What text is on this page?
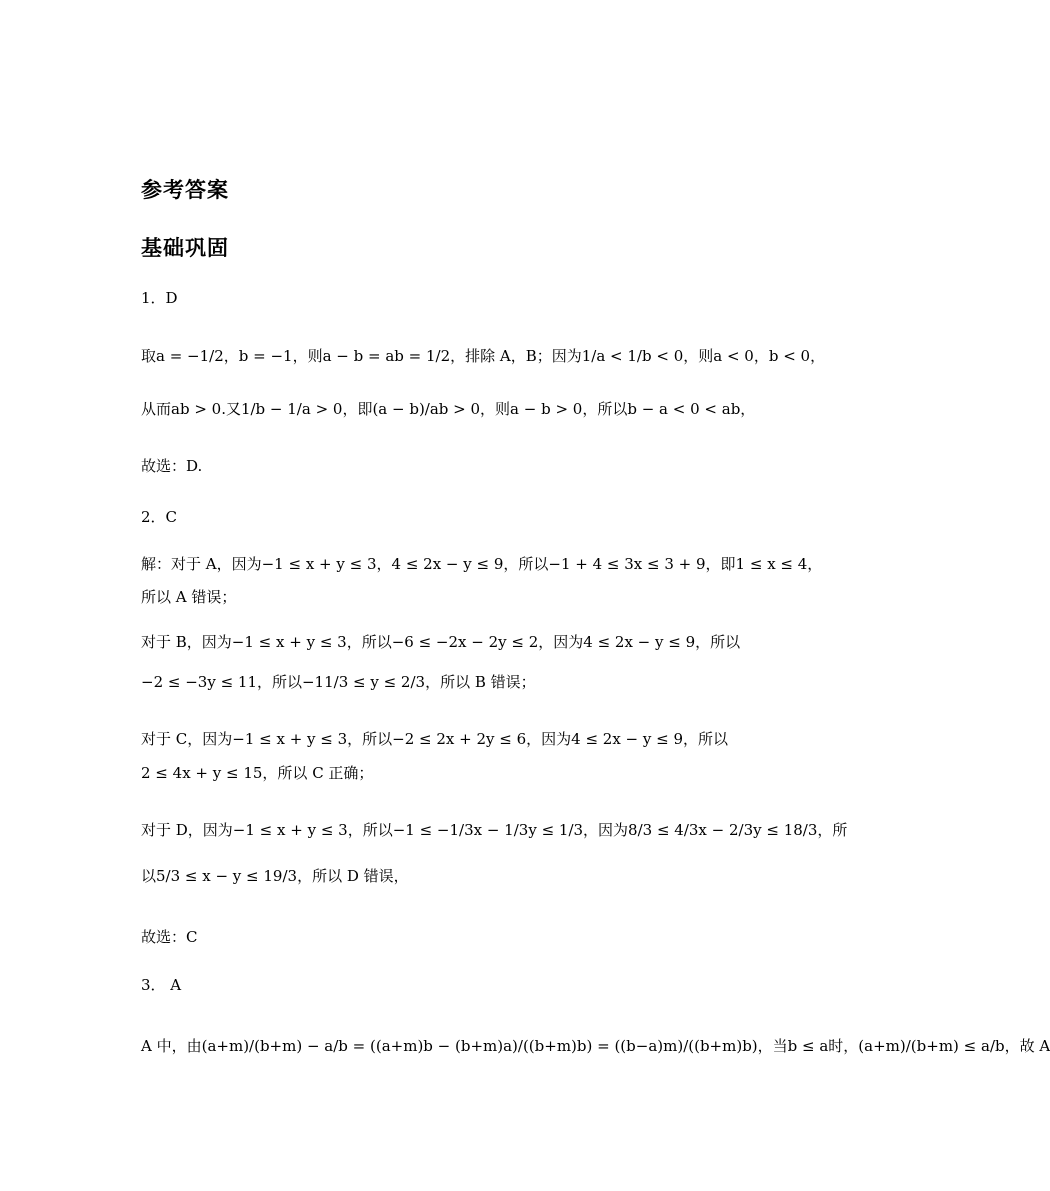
参考答案
基础巩固
1．D
取a = −1/2，b = −1，则a − b = ab = 1/2，排除 A，B；因为1/a < 1/b < 0，则a < 0，b < 0，
从而ab > 0.又1/b − 1/a > 0，即(a − b)/ab > 0，则a − b > 0，所以b − a < 0 < ab，
故选：D.
2．C
解：对于 A，因为−1 ≤ x + y ≤ 3，4 ≤ 2x − y ≤ 9，所以−1 + 4 ≤ 3x ≤ 3 + 9，即1 ≤ x ≤ 4，
所以 A 错误；
对于 B，因为−1 ≤ x + y ≤ 3，所以−6 ≤ −2x − 2y ≤ 2，因为4 ≤ 2x − y ≤ 9，所以
−2 ≤ −3y ≤ 11，所以−11/3 ≤ y ≤ 2/3，所以 B 错误；
对于 C，因为−1 ≤ x + y ≤ 3，所以−2 ≤ 2x + 2y ≤ 6，因为4 ≤ 2x − y ≤ 9，所以
2 ≤ 4x + y ≤ 15，所以 C 正确；
对于 D，因为−1 ≤ x + y ≤ 3，所以−1 ≤ −1/3x − 1/3y ≤ 1/3，因为8/3 ≤ 4/3x − 2/3y ≤ 18/3，所
以5/3 ≤ x − y ≤ 19/3，所以 D 错误，
故选：C
3． A
A 中，由(a+m)/(b+m) − a/b = ((a+m)b − (b+m)a)/((b+m)b) = ((b−a)m)/((b+m)b)，当b ≤ a时，(a+m)/(b+m) ≤ a/b，故 A
